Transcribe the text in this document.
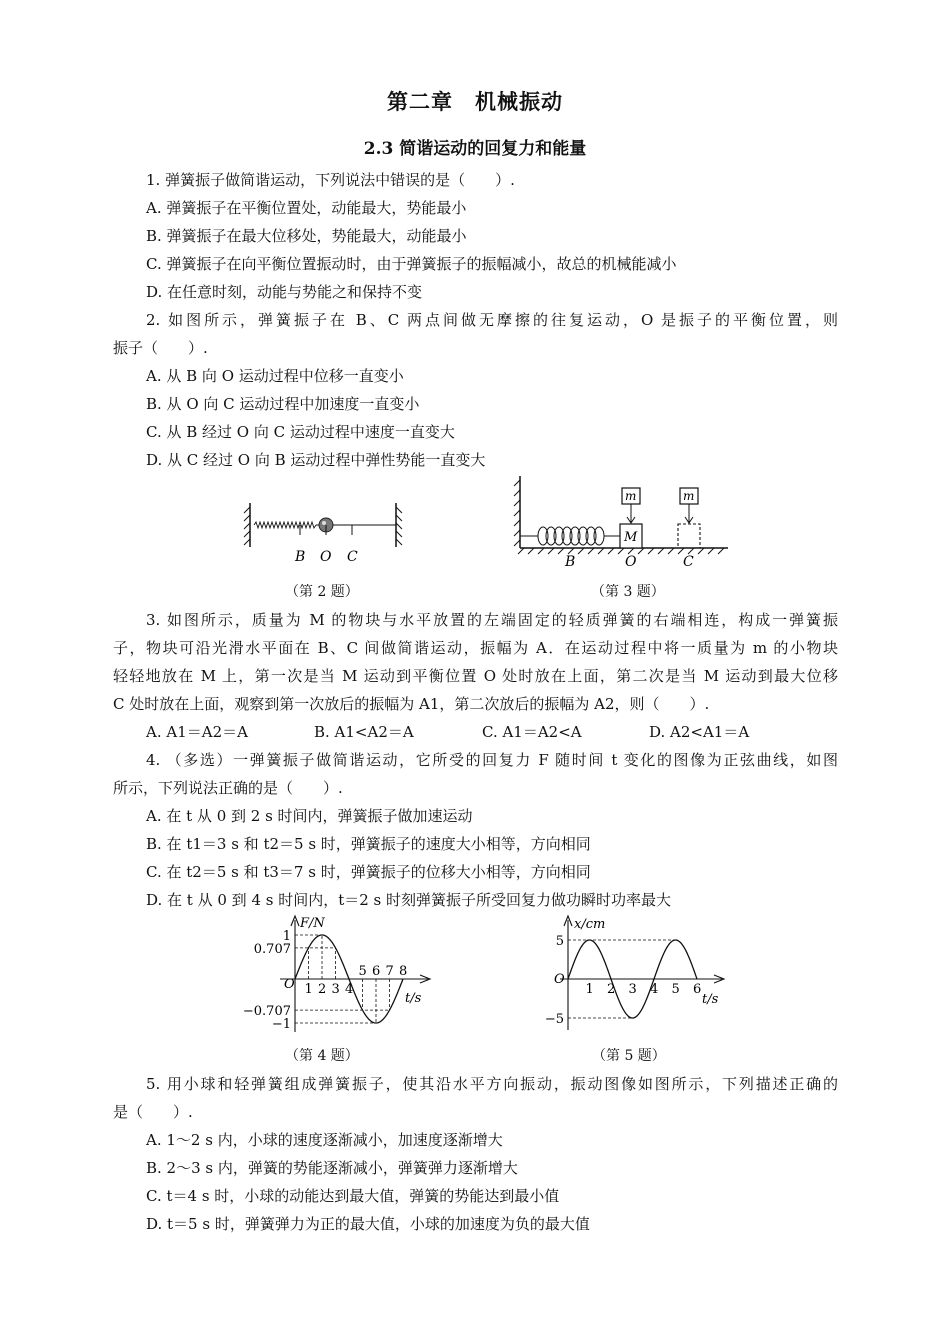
第二章　机械振动
2.3 简谐运动的回复力和能量
1. 弹簧振子做简谐运动，下列说法中错误的是（　　）.
A. 弹簧振子在平衡位置处，动能最大，势能最小
B. 弹簧振子在最大位移处，势能最大，动能最小
C. 弹簧振子在向平衡位置振动时，由于弹簧振子的振幅减小，故总的机械能减小
D. 在任意时刻，动能与势能之和保持不变
2. 如图所示，弹簧振子在 B、C 两点间做无摩擦的往复运动，O 是振子的平衡位置，则
振子（　　）.
A. 从 B 向 O 运动过程中位移一直变小
B. 从 O 向 C 运动过程中加速度一直变小
C. 从 B 经过 O 向 C 运动过程中速度一直变大
D. 从 C 经过 O 向 B 运动过程中弹性势能一直变大
B O C
（第 2 题）
M
m	m
B	O	C
（第 3 题）
3. 如图所示，质量为 M 的物块与水平放置的左端固定的轻质弹簧的右端相连，构成一弹簧振
子，物块可沿光滑水平面在 B、C 间做简谐运动，振幅为 A．在运动过程中将一质量为 m 的小物块
轻轻地放在 M 上，第一次是当 M 运动到平衡位置 O 处时放在上面，第二次是当 M 运动到最大位移
C 处时放在上面，观察到第一次放后的振幅为 A1，第二次放后的振幅为 A2，则（　　）.
A. A1＝A2＝A	B. A1<A2＝A	C. A1＝A2<A	D. A2<A1＝A
4. （多选）一弹簧振子做简谐运动，它所受的回复力 F 随时间 t 变化的图像为正弦曲线，如图
所示，下列说法正确的是（　　）.
A. 在 t 从 0 到 2 s 时间内，弹簧振子做加速运动
B. 在 t1＝3 s 和 t2＝5 s 时，弹簧振子的速度大小相等，方向相同
C. 在 t2＝5 s 和 t3＝7 s 时，弹簧振子的位移大小相等，方向相同
D. 在 t 从 0 到 4 s 时间内，t＝2 s 时刻弹簧振子所受回复力做功瞬时功率最大
F/N
t/s
O
1
0.707
−0.707
−1
1 2 3 4
5 6 7 8
（第 4 题）
x/cm
t/s
O
5
−5
1 2 3 4 5 6
（第 5 题）
5. 用小球和轻弹簧组成弹簧振子，使其沿水平方向振动，振动图像如图所示，下列描述正确的
是（　　）.
A. 1～2 s 内，小球的速度逐渐减小，加速度逐渐增大
B. 2～3 s 内，弹簧的势能逐渐减小，弹簧弹力逐渐增大
C. t＝4 s 时，小球的动能达到最大值，弹簧的势能达到最小值
D. t＝5 s 时，弹簧弹力为正的最大值，小球的加速度为负的最大值
